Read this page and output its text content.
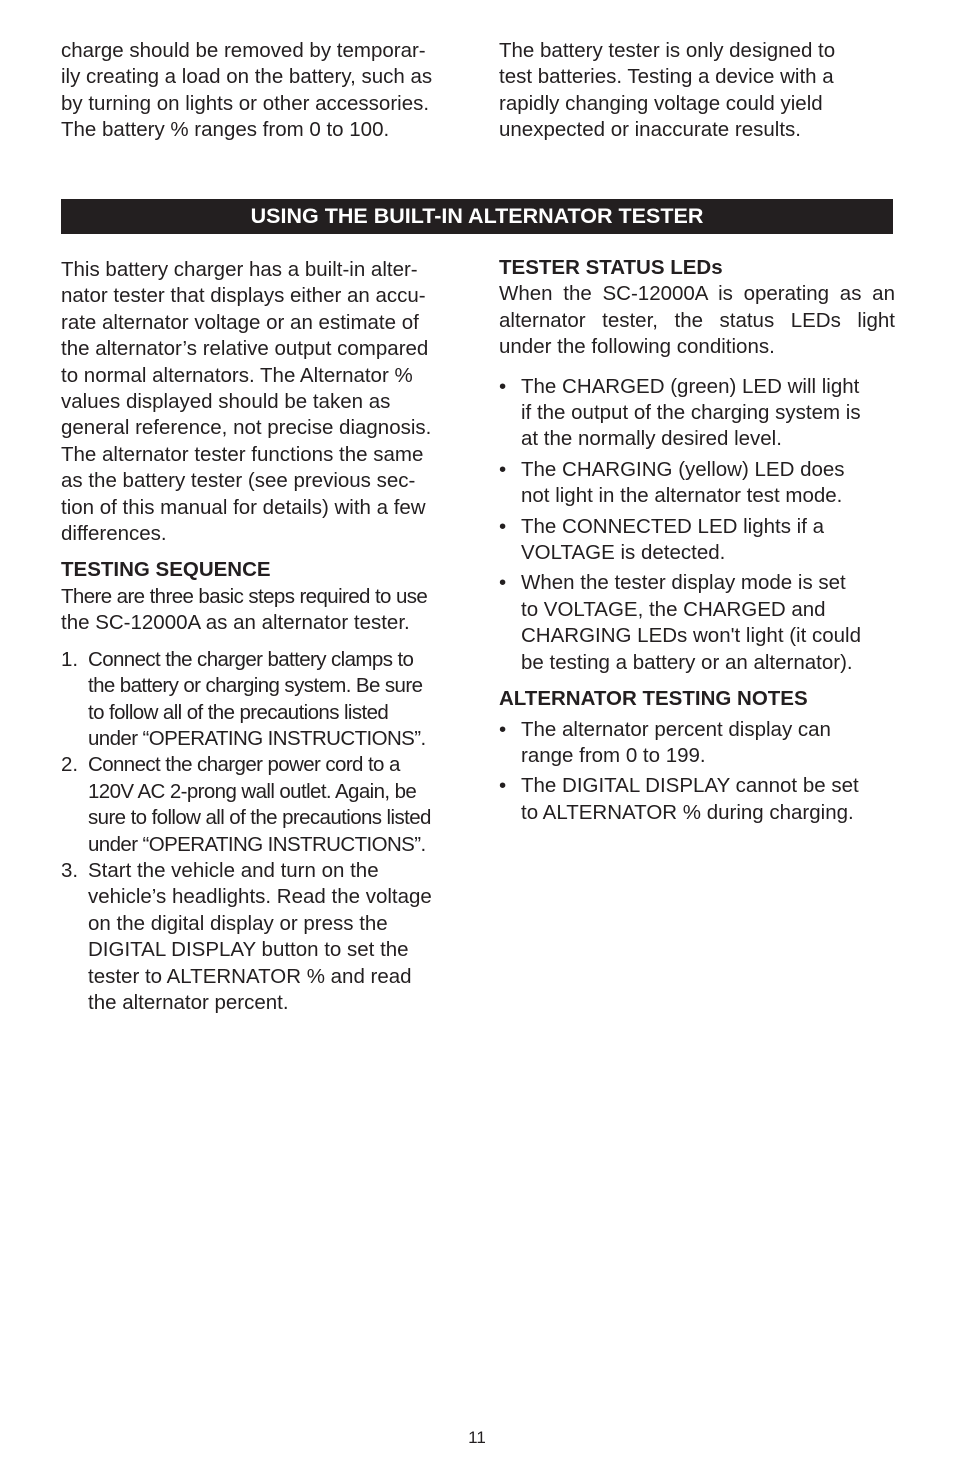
charge should be removed by temporar-
ily creating a load on the battery, such as
by turning on lights or other accessories.
The battery % ranges from 0 to 100.

The battery tester is only designed to
test batteries. Testing a device with a
rapidly changing voltage could yield
unexpected or inaccurate results.

USING THE BUILT-IN ALTERNATOR TESTER

This battery charger has a built-in alter-
nator tester that displays either an accu-
rate alternator voltage or an estimate of
the alternator’s relative output compared
to normal alternators. The Alternator %
values displayed should be taken as
general reference, not precise diagnosis.
The alternator tester functions the same
as the battery tester (see previous sec-
tion of this manual for details) with a few
differences.

TESTING SEQUENCE

There are three basic steps required to use
the SC-12000A as an alternator tester.

1. Connect the charger battery clamps to
the battery or charging system. Be sure
to follow all of the precautions listed
under “OPERATING INSTRUCTIONS”.
2. Connect the charger power cord to a
120V AC 2-prong wall outlet. Again, be
sure to follow all of the precautions listed
under “OPERATING INSTRUCTIONS”.
3. Start the vehicle and turn on the
vehicle’s headlights. Read the voltage
on the digital display or press the
DIGITAL DISPLAY button to set the
tester to ALTERNATOR % and read
the alternator percent.
TESTER STATUS LEDs

When the SC-12000A is operating as an
alternator tester, the status LEDs light
under the following conditions.

• The CHARGED (green) LED will light
if the output of the charging system is
at the normally desired level.
• The CHARGING (yellow) LED does
not light in the alternator test mode.
• The CONNECTED LED lights if a
VOLTAGE is detected.
• When the tester display mode is set
to VOLTAGE, the CHARGED and
CHARGING LEDs won't light (it could
be testing a battery or an alternator).
ALTERNATOR TESTING NOTES
• The alternator percent display can
range from 0 to 199.
• The DIGITAL DISPLAY cannot be set
to ALTERNATOR % during charging.
11
